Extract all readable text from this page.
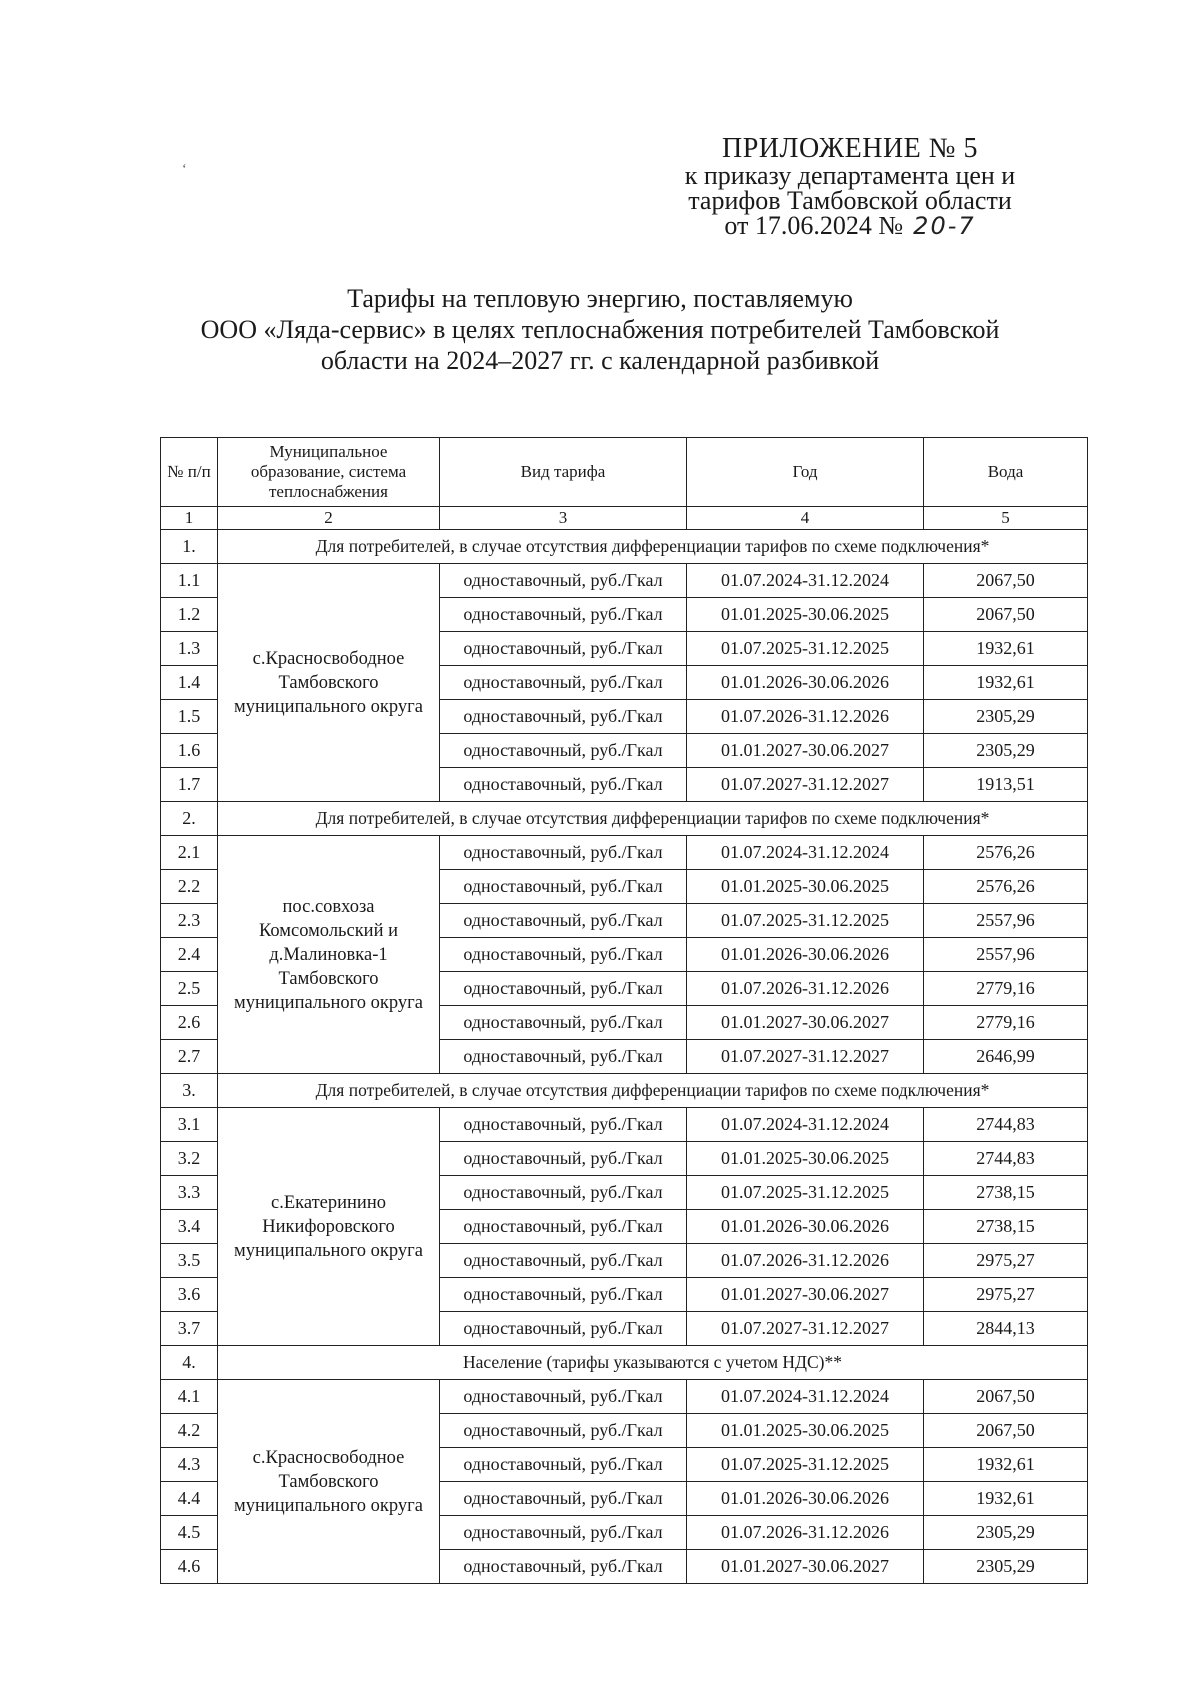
‘
ПРИЛОЖЕНИЕ № 5
к приказу департамента цен и
тарифов Тамбовской области
от 17.06.2024 № 20-7
Тарифы на тепловую энергию, поставляемую
ООО «Ляда-сервис» в целях теплоснабжения потребителей Тамбовской
области на 2024–2027 гг. с календарной разбивкой
№ п/п	Муниципальное образование, система теплоснабжения	Вид тарифа	Год	Вода
1	2	3	4	5
1.	Для потребителей, в случае отсутствия дифференциации тарифов по схеме подключения*			
1.1	с.Красносвободное Тамбовского муниципального округа	одноставочный, руб./Гкал	01.07.2024-31.12.2024	2067,50
1.2		одноставочный, руб./Гкал	01.01.2025-30.06.2025	2067,50
1.3		одноставочный, руб./Гкал	01.07.2025-31.12.2025	1932,61
1.4		одноставочный, руб./Гкал	01.01.2026-30.06.2026	1932,61
1.5		одноставочный, руб./Гкал	01.07.2026-31.12.2026	2305,29
1.6		одноставочный, руб./Гкал	01.01.2027-30.06.2027	2305,29
1.7		одноставочный, руб./Гкал	01.07.2027-31.12.2027	1913,51
2.	Для потребителей, в случае отсутствия дифференциации тарифов по схеме подключения*			
2.1	пос.совхоза Комсомольский и д.Малиновка-1 Тамбовского муниципального округа	одноставочный, руб./Гкал	01.07.2024-31.12.2024	2576,26
2.2		одноставочный, руб./Гкал	01.01.2025-30.06.2025	2576,26
2.3		одноставочный, руб./Гкал	01.07.2025-31.12.2025	2557,96
2.4		одноставочный, руб./Гкал	01.01.2026-30.06.2026	2557,96
2.5		одноставочный, руб./Гкал	01.07.2026-31.12.2026	2779,16
2.6		одноставочный, руб./Гкал	01.01.2027-30.06.2027	2779,16
2.7		одноставочный, руб./Гкал	01.07.2027-31.12.2027	2646,99
3.	Для потребителей, в случае отсутствия дифференциации тарифов по схеме подключения*			
3.1	с.Екатеринино Никифоровского муниципального округа	одноставочный, руб./Гкал	01.07.2024-31.12.2024	2744,83
3.2		одноставочный, руб./Гкал	01.01.2025-30.06.2025	2744,83
3.3		одноставочный, руб./Гкал	01.07.2025-31.12.2025	2738,15
3.4		одноставочный, руб./Гкал	01.01.2026-30.06.2026	2738,15
3.5		одноставочный, руб./Гкал	01.07.2026-31.12.2026	2975,27
3.6		одноставочный, руб./Гкал	01.01.2027-30.06.2027	2975,27
3.7		одноставочный, руб./Гкал	01.07.2027-31.12.2027	2844,13
4.	Население (тарифы указываются с учетом НДС)**			
4.1	с.Красносвободное Тамбовского муниципального округа	одноставочный, руб./Гкал	01.07.2024-31.12.2024	2067,50
4.2		одноставочный, руб./Гкал	01.01.2025-30.06.2025	2067,50
4.3		одноставочный, руб./Гкал	01.07.2025-31.12.2025	1932,61
4.4		одноставочный, руб./Гкал	01.01.2026-30.06.2026	1932,61
4.5		одноставочный, руб./Гкал	01.07.2026-31.12.2026	2305,29
4.6		одноставочный, руб./Гкал	01.01.2027-30.06.2027	2305,29
